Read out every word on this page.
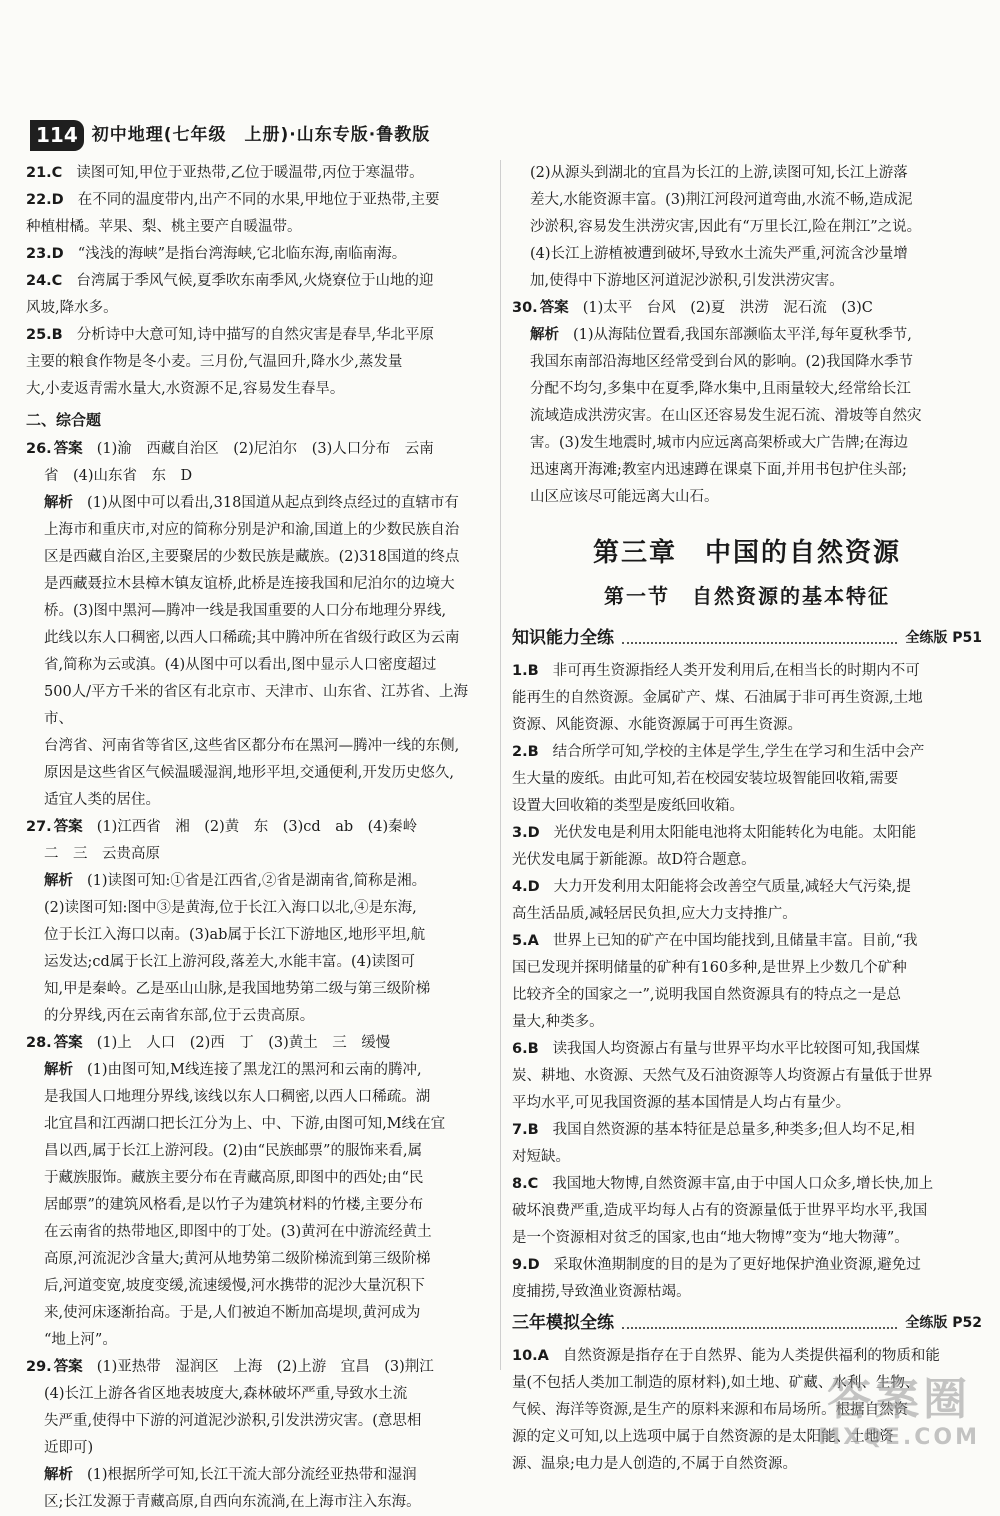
114 初中地理(七年级　上册)·山东专版·鲁教版
21.C 读图可知,甲位于亚热带,乙位于暖温带,丙位于寒温带。
22.D 在不同的温度带内,出产不同的水果,甲地位于亚热带,主要
种植柑橘。苹果、梨、桃主要产自暖温带。
23.D “浅浅的海峡”是指台湾海峡,它北临东海,南临南海。
24.C 台湾属于季风气候,夏季吹东南季风,火烧寮位于山地的迎
风坡,降水多。
25.B 分析诗中大意可知,诗中描写的自然灾害是春旱,华北平原
主要的粮食作物是冬小麦。三月份,气温回升,降水少,蒸发量
大,小麦返青需水量大,水资源不足,容易发生春旱。
二、综合题
26. 答案 (1)渝　西藏自治区　(2)尼泊尔　(3)人口分布　云南
省　(4)山东省　东　D
解析 (1)从图中可以看出,318国道从起点到终点经过的直辖市有
上海市和重庆市,对应的简称分别是沪和渝,国道上的少数民族自治
区是西藏自治区,主要聚居的少数民族是藏族。(2)318国道的终点
是西藏聂拉木县樟木镇友谊桥,此桥是连接我国和尼泊尔的边境大
桥。(3)图中黑河—腾冲一线是我国重要的人口分布地理分界线,
此线以东人口稠密,以西人口稀疏;其中腾冲所在省级行政区为云南
省,简称为云或滇。(4)从图中可以看出,图中显示人口密度超过
500人/平方千米的省区有北京市、天津市、山东省、江苏省、上海市、
台湾省、河南省等省区,这些省区都分布在黑河—腾冲一线的东侧,
原因是这些省区气候温暖湿润,地形平坦,交通便利,开发历史悠久,
适宜人类的居住。
27. 答案 (1)江西省　湘　(2)黄　东　(3)cd　ab　(4)秦岭
二　三　云贵高原
解析 (1)读图可知:①省是江西省,②省是湖南省,简称是湘。
(2)读图可知:图中③是黄海,位于长江入海口以北,④是东海,
位于长江入海口以南。(3)ab属于长江下游地区,地形平坦,航
运发达;cd属于长江上游河段,落差大,水能丰富。(4)读图可
知,甲是秦岭。乙是巫山山脉,是我国地势第二级与第三级阶梯
的分界线,丙在云南省东部,位于云贵高原。
28. 答案 (1)上　人口　(2)西　丁　(3)黄土　三　缓慢
解析 (1)由图可知,M线连接了黑龙江的黑河和云南的腾冲,
是我国人口地理分界线,该线以东人口稠密,以西人口稀疏。湖
北宜昌和江西湖口把长江分为上、中、下游,由图可知,M线在宜
昌以西,属于长江上游河段。(2)由“民族邮票”的服饰来看,属
于藏族服饰。藏族主要分布在青藏高原,即图中的西处;由“民
居邮票”的建筑风格看,是以竹子为建筑材料的竹楼,主要分布
在云南省的热带地区,即图中的丁处。(3)黄河在中游流经黄土
高原,河流泥沙含量大;黄河从地势第二级阶梯流到第三级阶梯
后,河道变宽,坡度变缓,流速缓慢,河水携带的泥沙大量沉积下
来,使河床逐渐抬高。于是,人们被迫不断加高堤坝,黄河成为
“地上河”。
29. 答案 (1)亚热带　湿润区　上海　(2)上游　宜昌　(3)荆江
(4)长江上游各省区地表坡度大,森林破坏严重,导致水土流
失严重,使得中下游的河道泥沙淤积,引发洪涝灾害。(意思相
近即可)
解析 (1)根据所学可知,长江干流大部分流经亚热带和湿润
区;长江发源于青藏高原,自西向东流淌,在上海市注入东海。
(2)从源头到湖北的宜昌为长江的上游,读图可知,长江上游落
差大,水能资源丰富。(3)荆江河段河道弯曲,水流不畅,造成泥
沙淤积,容易发生洪涝灾害,因此有“万里长江,险在荆江”之说。
(4)长江上游植被遭到破坏,导致水土流失严重,河流含沙量增
加,使得中下游地区河道泥沙淤积,引发洪涝灾害。
30. 答案 (1)太平　台风　(2)夏　洪涝　泥石流　(3)C
解析 (1)从海陆位置看,我国东部濒临太平洋,每年夏秋季节,
我国东南部沿海地区经常受到台风的影响。(2)我国降水季节
分配不均匀,多集中在夏季,降水集中,且雨量较大,经常给长江
流域造成洪涝灾害。在山区还容易发生泥石流、滑坡等自然灾
害。(3)发生地震时,城市内应远离高架桥或大广告牌;在海边
迅速离开海滩;教室内迅速蹲在课桌下面,并用书包护住头部;
山区应该尽可能远离大山石。
第三章　中国的自然资源
第一节　自然资源的基本特征
知识能力全练	全练版 P51
1.B 非可再生资源指经人类开发利用后,在相当长的时期内不可
能再生的自然资源。金属矿产、煤、石油属于非可再生资源,土地
资源、风能资源、水能资源属于可再生资源。
2.B 结合所学可知,学校的主体是学生,学生在学习和生活中会产
生大量的废纸。由此可知,若在校园安装垃圾智能回收箱,需要
设置大回收箱的类型是废纸回收箱。
3.D 光伏发电是利用太阳能电池将太阳能转化为电能。太阳能
光伏发电属于新能源。故D符合题意。
4.D 大力开发利用太阳能将会改善空气质量,减轻大气污染,提
高生活品质,减轻居民负担,应大力支持推广。
5.A 世界上已知的矿产在中国均能找到,且储量丰富。目前,“我
国已发现并探明储量的矿种有160多种,是世界上少数几个矿种
比较齐全的国家之一”,说明我国自然资源具有的特点之一是总
量大,种类多。
6.B 读我国人均资源占有量与世界平均水平比较图可知,我国煤
炭、耕地、水资源、天然气及石油资源等人均资源占有量低于世界
平均水平,可见我国资源的基本国情是人均占有量少。
7.B 我国自然资源的基本特征是总量多,种类多;但人均不足,相
对短缺。
8.C 我国地大物博,自然资源丰富,由于中国人口众多,增长快,加上
破坏浪费严重,造成平均每人占有的资源量低于世界平均水平,我国
是一个资源相对贫乏的国家,也由“地大物博”变为“地大物薄”。
9.D 采取休渔期制度的目的是为了更好地保护渔业资源,避免过
度捕捞,导致渔业资源枯竭。
三年模拟全练	全练版 P52
10.A 自然资源是指存在于自然界、能为人类提供福利的物质和能
量(不包括人类加工制造的原材料),如土地、矿藏、水利、生物、
气候、海洋等资源,是生产的原料来源和布局场所。根据自然资
源的定义可知,以上选项中属于自然资源的是太阳能、土地资
源、温泉;电力是人创造的,不属于自然资源。
答案圈
MXQE.COM
